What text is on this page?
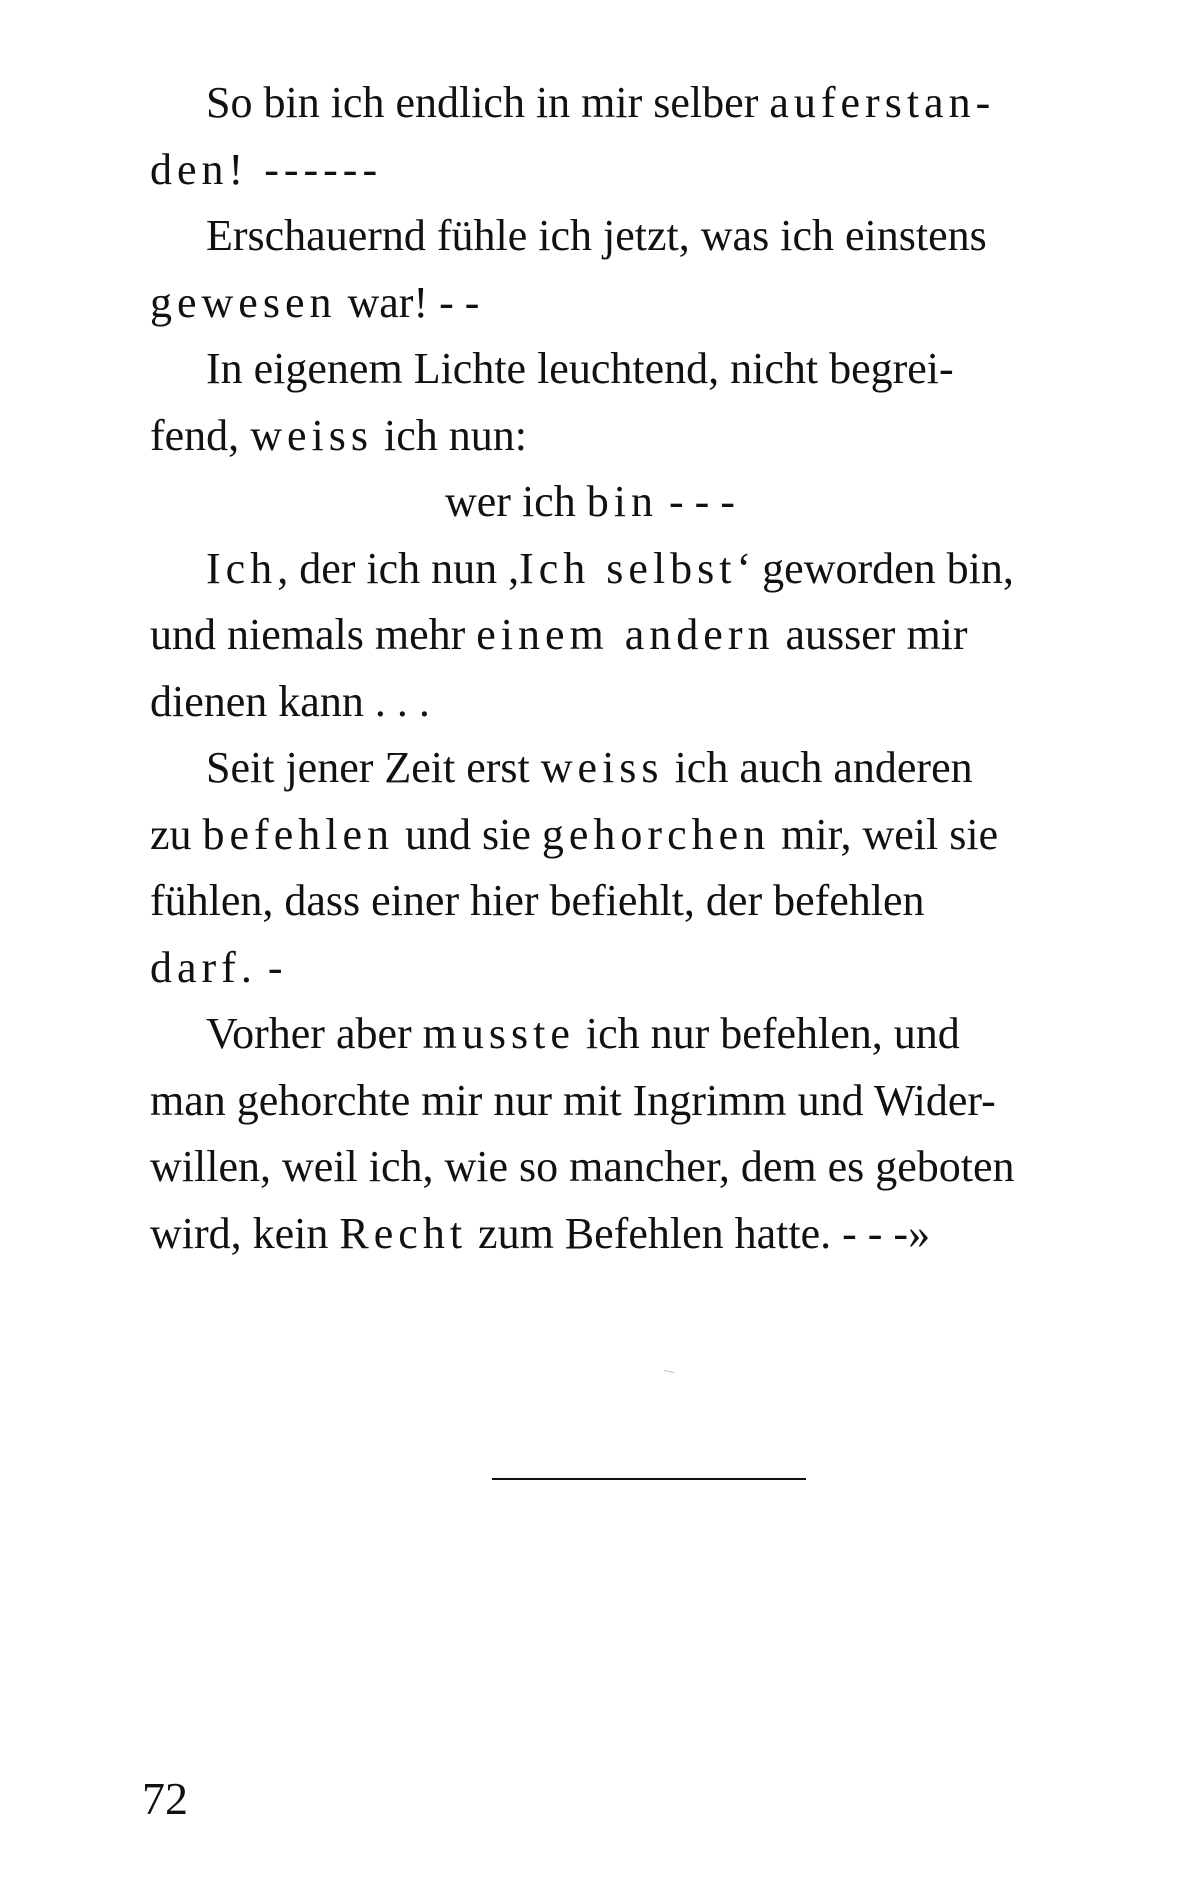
So bin ich endlich in mir selber auferstan-
den! ------
Erschauernd fühle ich jetzt, was ich einstens
gewesen war! - -
In eigenem Lichte leuchtend, nicht begrei-
fend, weiss ich nun:
wer ich bin - - -
Ich, der ich nun ,Ich selbst‘ geworden bin,
und niemals mehr einem andern ausser mir
dienen kann . . .
Seit jener Zeit erst weiss ich auch anderen
zu befehlen und sie gehorchen mir, weil sie
fühlen, dass einer hier befiehlt, der befehlen
darf. -
Vorher aber musste ich nur befehlen, und
man gehorchte mir nur mit Ingrimm und Wider-
willen, weil ich, wie so mancher, dem es geboten
wird, kein Recht zum Befehlen hatte. - - -»
72
